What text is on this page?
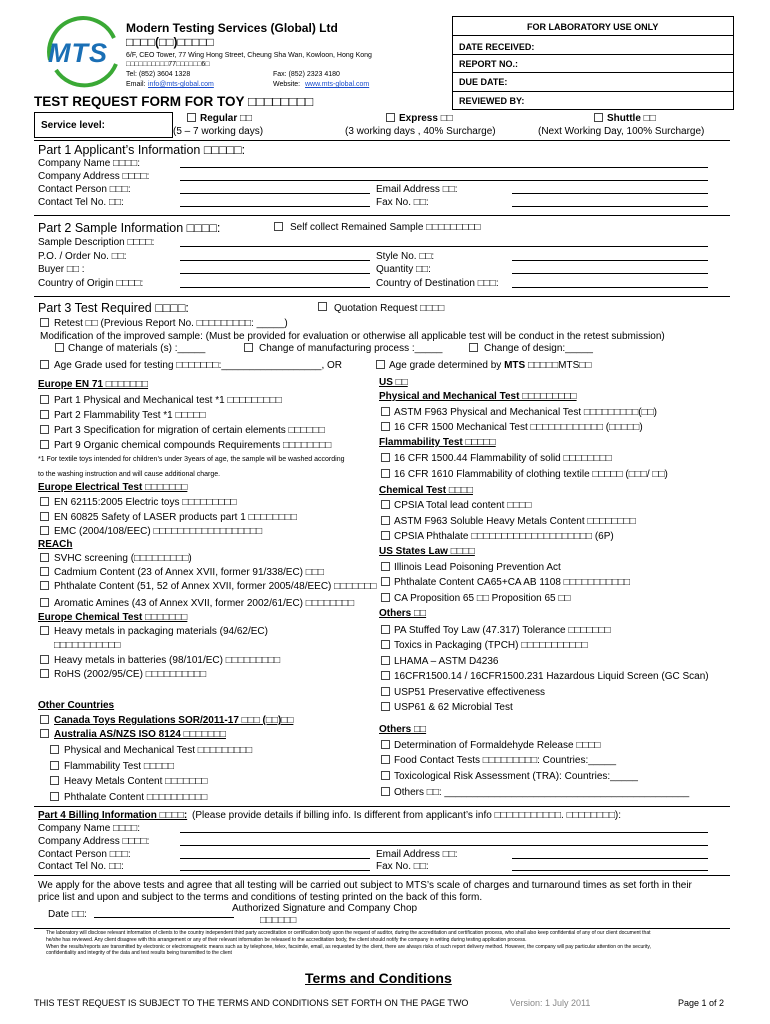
MTS
Modern Testing Services (Global) Ltd
□□□□(□□)□□□□□
6/F, CEO Tower, 77 Wing Hong Street, Cheung Sha Wan, Kowloon, Hong Kong
□□□□□□□□□□77□□□□□□6□
Tel: (852) 3604 1328	Fax: (852) 2323 4180
Email: info@mts-global.com	Website: www.mts-global.com
TEST REQUEST FORM FOR TOY □□□□□□□□
FOR LABORATORY USE ONLY
DATE RECEIVED:
REPORT NO.:
DUE DATE:
REVIEWED BY:
Service level:
Regular □□
(5 – 7 working days)
Express □□
(3 working days , 40% Surcharge)
Shuttle □□
(Next Working Day, 100% Surcharge)
Part 1 Applicant’s Information □□□□□:
Company Name □□□□:
Company Address □□□□:
Contact Person □□□:	Email Address □□:
Contact Tel No. □□:	Fax No. □□:
Part 2 Sample Information □□□□:	Self collect Remained Sample □□□□□□□□□
Sample Description □□□□:
P.O. / Order No. □□:	Style No. □□:
Buyer □□ :	Quantity □□:
Country of Origin □□□□:	Country of Destination □□□:
Part 3 Test Required □□□□:	Quotation Request □□□□
Retest □□ (Previous Report No. □□□□□□□□□: _____)
Modification of the improved sample: (Must be provided for evaluation or otherwise all applicable test will be conduct in the retest submission)
Change of materials (s) :_____	Change of manufacturing process :_____	Change of design:_____
Age Grade used for testing □□□□□□□:__________________, OR	Age grade determined by MTS □□□□□MTS□□
Europe EN 71 □□□□□□□
Part 1 Physical and Mechanical test *1 □□□□□□□□□
Part 2 Flammability Test *1 □□□□□
Part 3 Specification for migration of certain elements □□□□□□
Part 9 Organic chemical compounds Requirements □□□□□□□□
*1 For textile toys intended for children’s under 3years of age, the sample will be washed according
to the washing instruction and will cause additional charge.
Europe Electrical Test □□□□□□□
EN 62115:2005 Electric toys □□□□□□□□□
EN 60825 Safety of LASER products part 1 □□□□□□□□
EMC (2004/108/EEC) □□□□□□□□□□□□□□□□□□
REACh
SVHC screening (□□□□□□□□□)
Cadmium Content (23 of Annex XVII, former 91/338/EC) □□□
Phthalate Content (51, 52 of Annex XVII, former 2005/48/EEC) □□□□□□□
Aromatic Amines (43 of Annex XVII, former 2002/61/EC) □□□□□□□□
Europe Chemical Test □□□□□□□
Heavy metals in packaging materials (94/62/EC)
□□□□□□□□□□□
Heavy metals in batteries (98/101/EC) □□□□□□□□□
RoHS (2002/95/CE) □□□□□□□□□□
Other Countries
Canada Toys Regulations SOR/2011-17 □□□ (□□)□□
Australia AS/NZS ISO 8124 □□□□□□□
Physical and Mechanical Test □□□□□□□□□
Flammability Test □□□□□
Heavy Metals Content □□□□□□□
Phthalate Content □□□□□□□□□□
US □□
Physical and Mechanical Test □□□□□□□□□
ASTM F963 Physical and Mechanical Test □□□□□□□□□(□□)
16 CFR 1500 Mechanical Test □□□□□□□□□□□□ (□□□□□)
Flammability Test □□□□□
16 CFR 1500.44 Flammability of solid □□□□□□□□
16 CFR 1610 Flammability of clothing textile □□□□□ (□□□/ □□)
Chemical Test □□□□
CPSIA Total lead content □□□□
ASTM F963 Soluble Heavy Metals Content □□□□□□□□
CPSIA Phthalate □□□□□□□□□□□□□□□□□□□□ (6P)
US States Law □□□□
Illinois Lead Poisoning Prevention Act
Phthalate Content CA65+CA AB 1108 □□□□□□□□□□□
CA Proposition 65 □□ Proposition 65 □□
Others □□
PA Stuffed Toy Law (47.317) Tolerance □□□□□□□
Toxics in Packaging (TPCH) □□□□□□□□□□□
LHAMA – ASTM D4236
16CFR1500.14 / 16CFR1500.231 Hazardous Liquid Screen (GC Scan)
USP51 Preservative effectiveness
USP61 & 62 Microbial Test
Others □□
Determination of Formaldehyde Release □□□□
Food Contact Tests □□□□□□□□□: Countries:_____
Toxicological Risk Assessment (TRA): Countries:_____
Others □□: ____________________________________________
Part 4 Billing Information □□□□: (Please provide details if billing info. Is different from applicant’s info □□□□□□□□□□□. □□□□□□□□):
Company Name □□□□:
Company Address □□□□:
Contact Person □□□:	Email Address □□:
Contact Tel No. □□:	Fax No. □□:
We apply for the above tests and agree that all testing will be carried out subject to MTS’s scale of charges and turnaround times as set forth in their
price list and upon and subject to the terms and conditions of testing printed on the back of this form.
Date □□:
Authorized Signature and Company Chop
□□□□□□
The laboratory will disclose relevant information of clients to the country independent third party accreditation or certification body upon the request of auditor, during the accreditation and certification process, who shall also keep confidential of any of our client document that
he/she has reviewed. Any client disagree with this arrangement or any of their relevant information be released to the accreditation body, the client should notify the company in writing during testing application process.
When the results/reports are transmitted by electronic or electromagnetic means such as by telephone, telex, facsimile, email, as requested by the client, there are always risks of such report delivery method. However, the company will pay particular attention on the security,
confidentiality and integrity of the data and test results being transmitted to the client
Terms and Conditions
THIS TEST REQUEST IS SUBJECT TO THE TERMS AND CONDITIONS SET FORTH ON THE PAGE TWO	Version: 1 July 2011	Page 1 of 2
